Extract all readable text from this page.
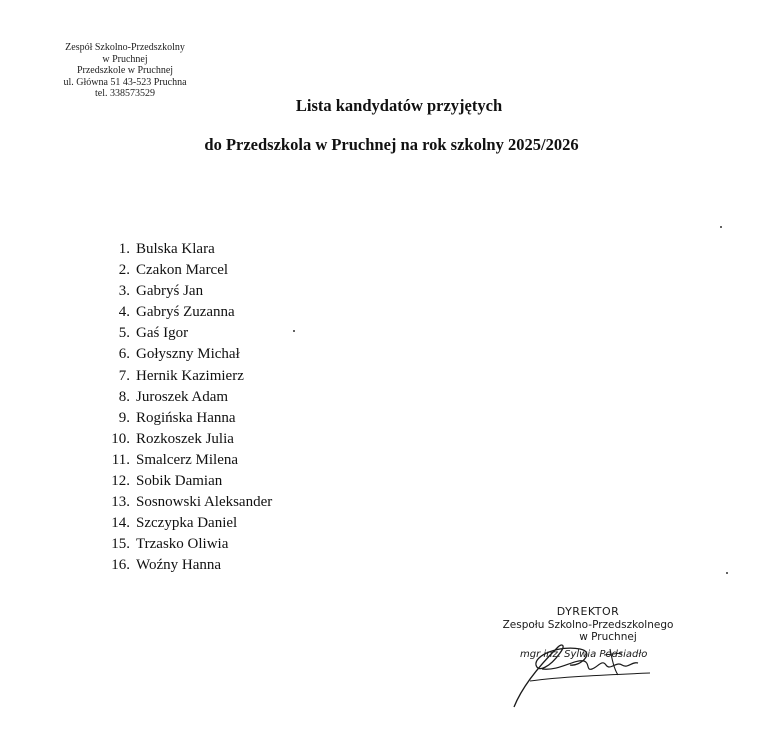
Zespół Szkolno-Przedszkolny
w Pruchnej
Przedszkole w Pruchnej
ul. Główna 51 43-523 Pruchna
tel. 338573529
Lista kandydatów przyjętych
do Przedszkola w Pruchnej na rok szkolny 2025/2026
1. Bulska Klara
2. Czakon Marcel
3. Gabryś Jan
4. Gabryś Zuzanna
5. Gaś Igor
6. Gołyszny Michał
7. Hernik Kazimierz
8. Juroszek Adam
9. Rogińska Hanna
10. Rozkoszek Julia
11. Smalcerz Milena
12. Sobik Damian
13. Sosnowski Aleksander
14. Szczypka Daniel
15. Trzasko Oliwia
16. Woźny Hanna
DYREKTOR
Zespołu Szkolno-Przedszkolnego
w Pruchnej
mgr inż. Sylwia Podsiadło
